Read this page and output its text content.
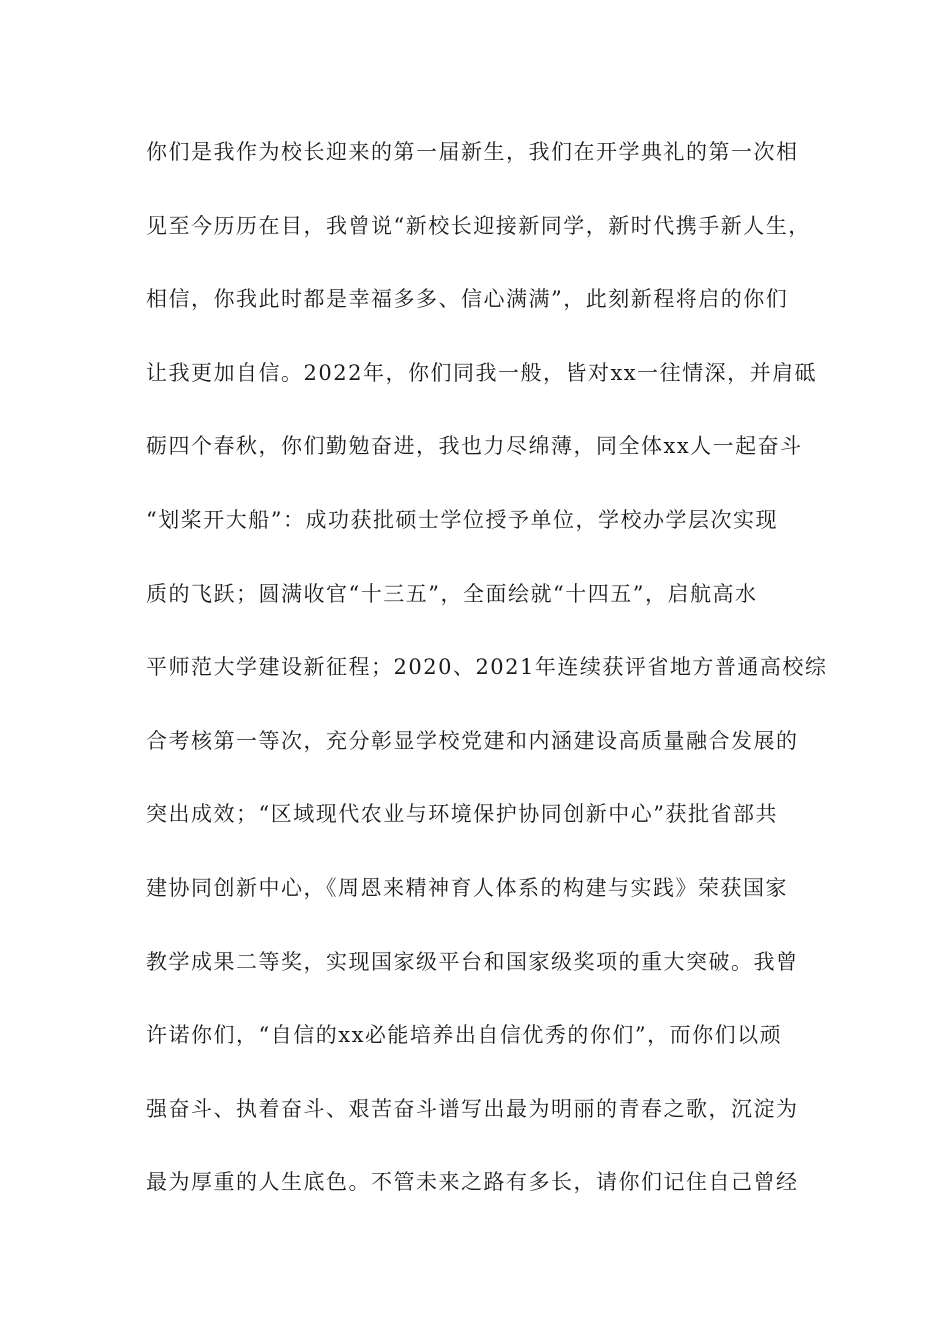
你们是我作为校长迎来的第一届新生，我们在开学典礼的第一次相
见至今历历在目，我曾说“新校长迎接新同学，新时代携手新人生，
相信，你我此时都是幸福多多、信心满满”，此刻新程将启的你们
让我更加自信。2022年，你们同我一般，皆对xx一往情深，并肩砥
砺四个春秋，你们勤勉奋进，我也力尽绵薄，同全体xx人一起奋斗
“划桨开大船”：成功获批硕士学位授予单位，学校办学层次实现
质的飞跃；圆满收官“十三五”，全面绘就“十四五”，启航高水
平师范大学建设新征程；2020、2021年连续获评省地方普通高校综
合考核第一等次，充分彰显学校党建和内涵建设高质量融合发展的
突出成效；“区域现代农业与环境保护协同创新中心”获批省部共
建协同创新中心，《周恩来精神育人体系的构建与实践》荣获国家
教学成果二等奖，实现国家级平台和国家级奖项的重大突破。我曾
许诺你们，“自信的xx必能培养出自信优秀的你们”，而你们以顽
强奋斗、执着奋斗、艰苦奋斗谱写出最为明丽的青春之歌，沉淀为
最为厚重的人生底色。不管未来之路有多长，请你们记住自己曾经
